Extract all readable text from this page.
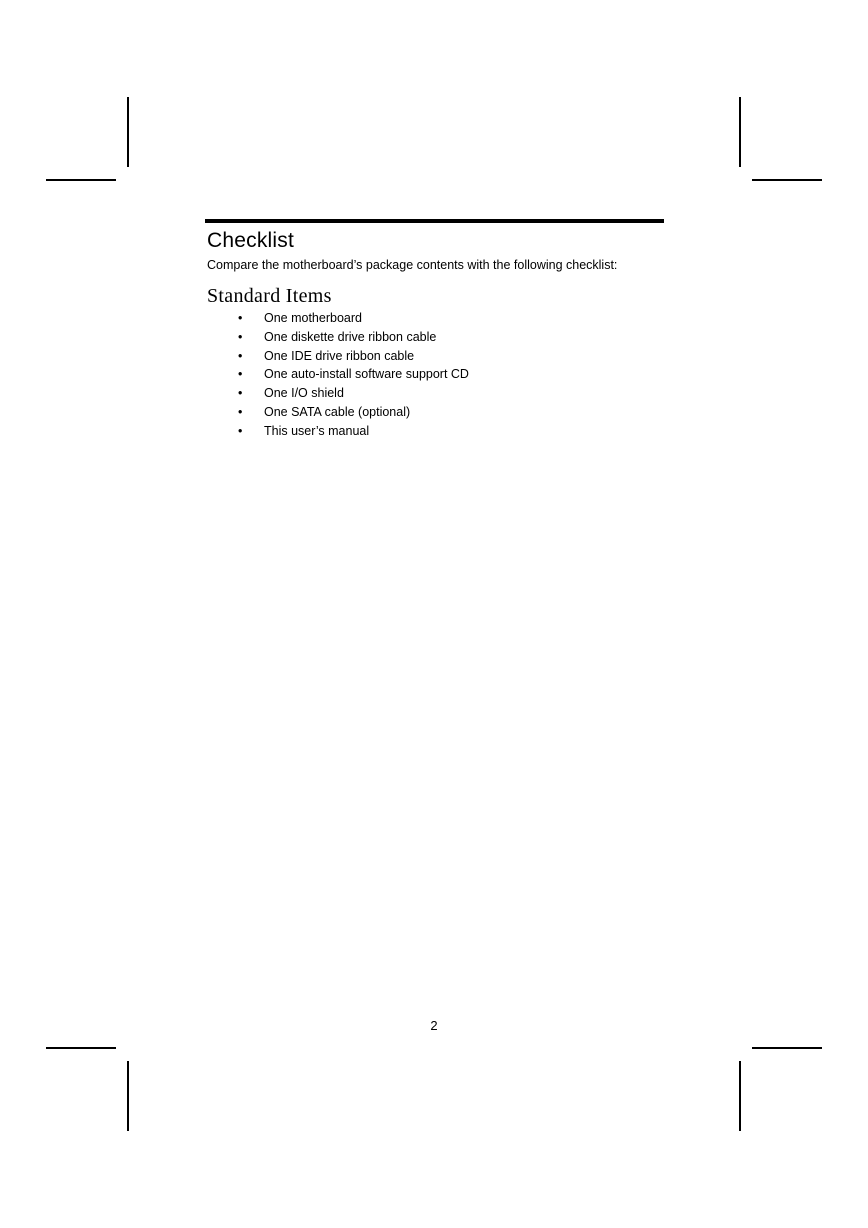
Checklist
Compare the motherboard’s package contents with the following checklist:
Standard Items
• One motherboard
• One diskette drive ribbon cable
• One IDE drive ribbon cable
• One auto-install software support CD
• One I/O shield
• One SATA cable (optional)
• This user’s manual
2
